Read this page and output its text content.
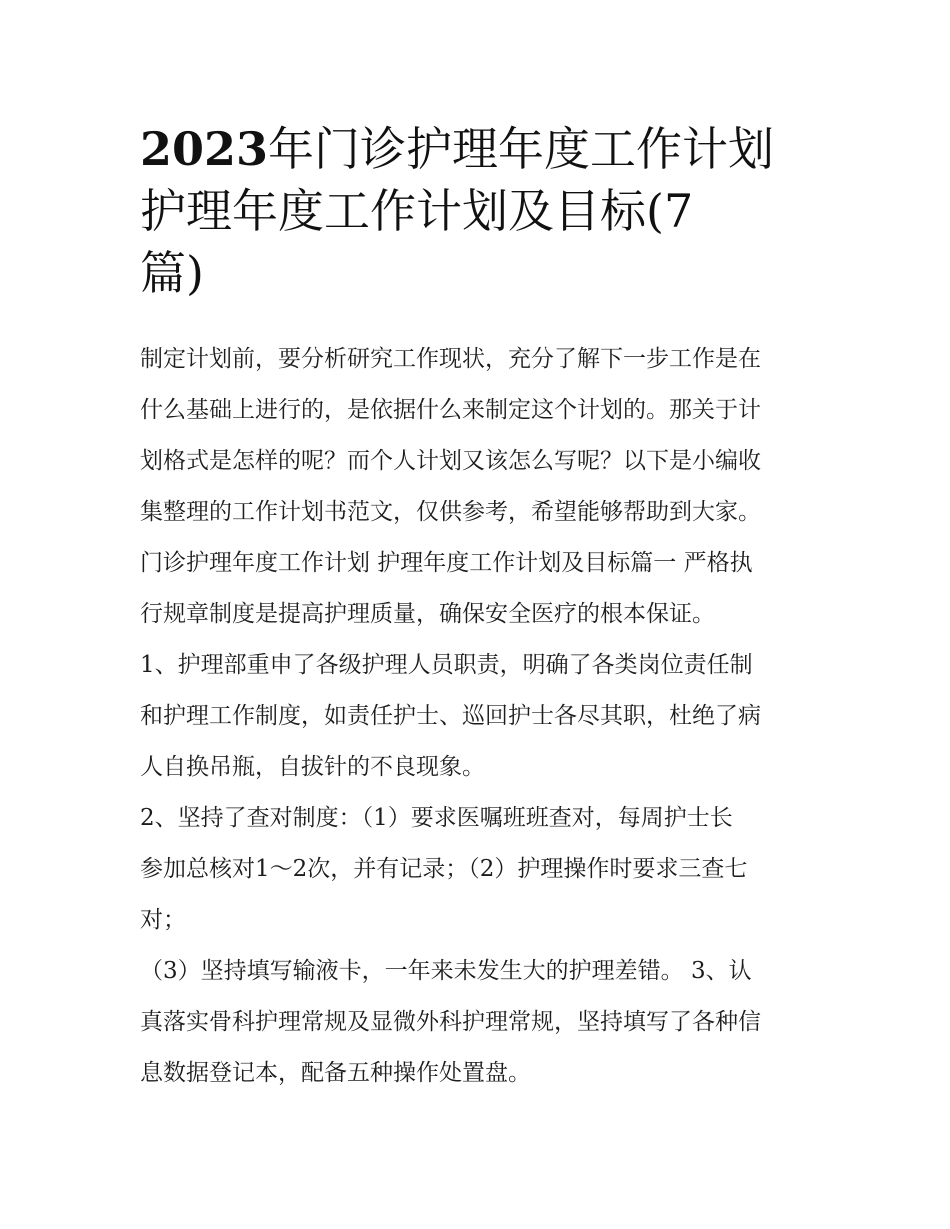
2023年门诊护理年度工作计划
护理年度工作计划及目标(7
篇)

制定计划前，要分析研究工作现状，充分了解下一步工作是在
什么基础上进行的，是依据什么来制定这个计划的。那关于计
划格式是怎样的呢？而个人计划又该怎么写呢？以下是小编收
集整理的工作计划书范文，仅供参考，希望能够帮助到大家。

门诊护理年度工作计划 护理年度工作计划及目标篇一 严格执
行规章制度是提高护理质量，确保安全医疗的根本保证。

1、护理部重申了各级护理人员职责，明确了各类岗位责任制
和护理工作制度，如责任护士、巡回护士各尽其职，杜绝了病
人自换吊瓶，自拔针的不良现象。

2、坚持了查对制度：（1）要求医嘱班班查对，每周护士长
参加总核对1～2次，并有记录；（2）护理操作时要求三查七
对；

（3）坚持填写输液卡，一年来未发生大的护理差错。 3、认
真落实骨科护理常规及显微外科护理常规，坚持填写了各种信
息数据登记本，配备五种操作处置盘。
